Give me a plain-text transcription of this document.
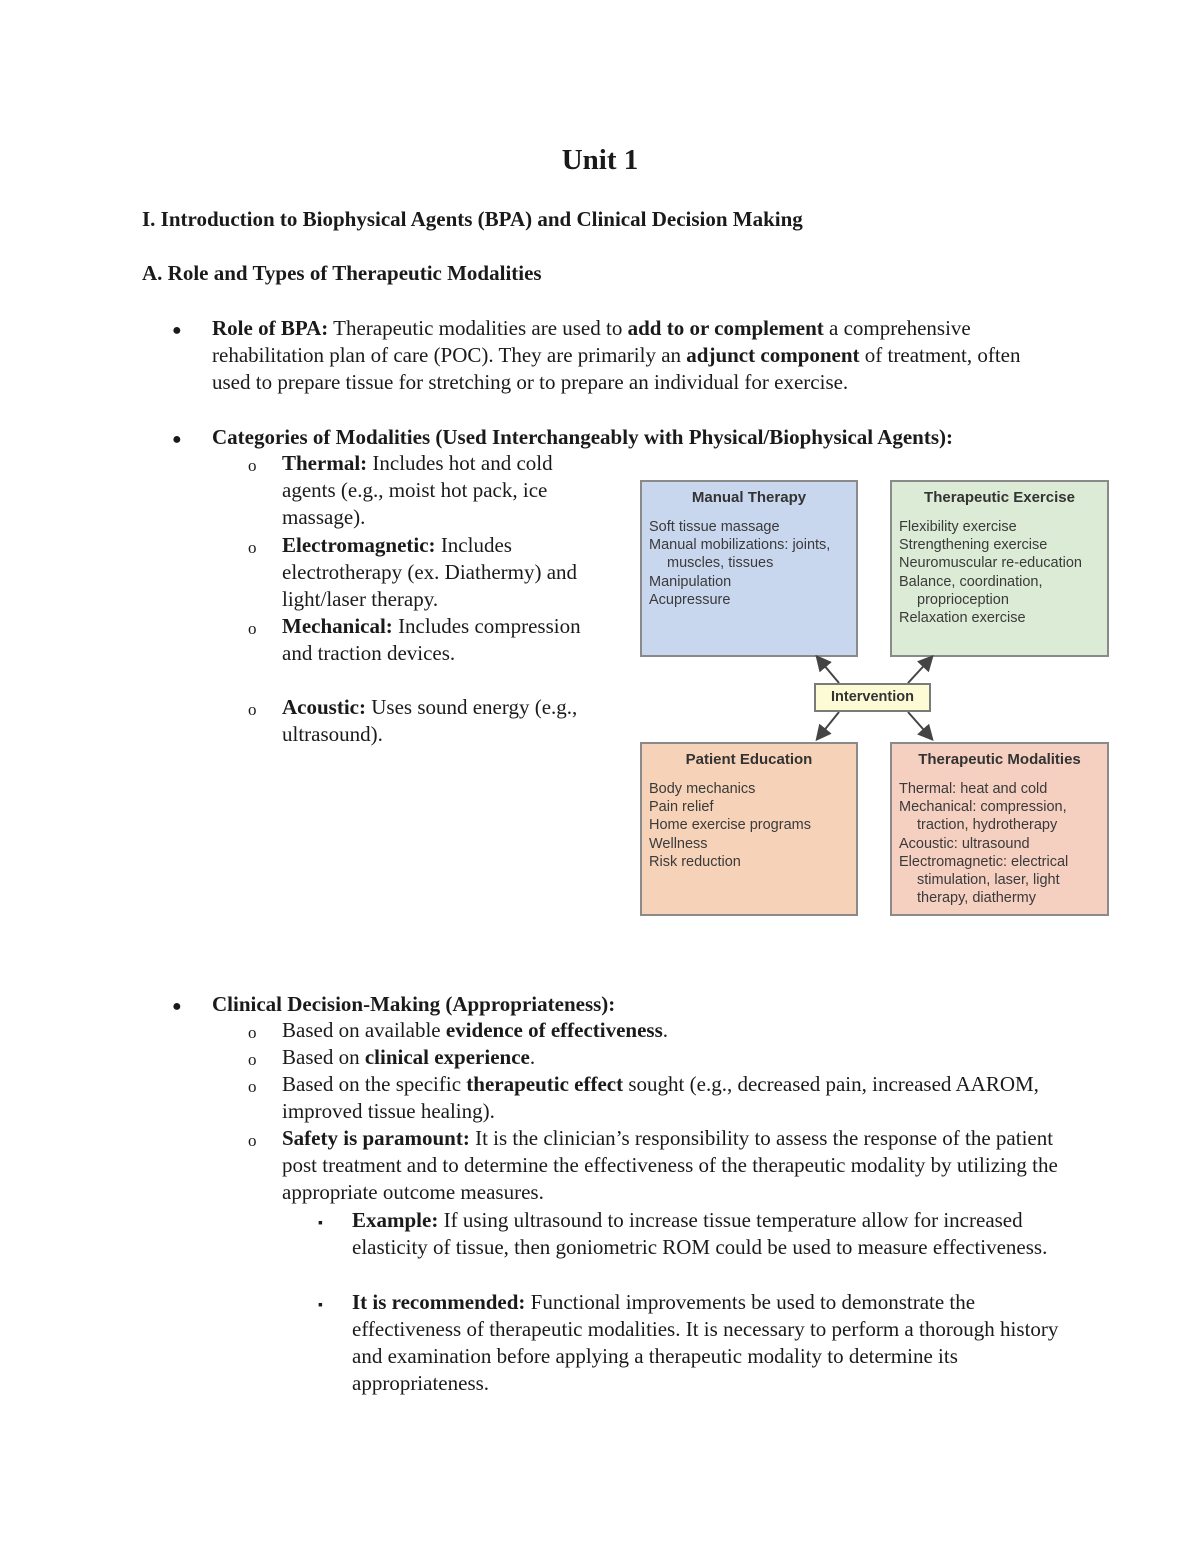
Unit 1
I. Introduction to Biophysical Agents (BPA) and Clinical Decision Making
A. Role and Types of Therapeutic Modalities
● Role of BPA: Therapeutic modalities are used to add to or complement a comprehensive rehabilitation plan of care (POC). They are primarily an adjunct component of treatment, often used to prepare tissue for stretching or to prepare an individual for exercise.
● Categories of Modalities (Used Interchangeably with Physical/Biophysical Agents):
o Thermal: Includes hot and cold agents (e.g., moist hot pack, ice massage).
o Electromagnetic: Includes electrotherapy (ex. Diathermy) and light/laser therapy.
o Mechanical: Includes compression and traction devices.
o Acoustic: Uses sound energy (e.g., ultrasound).
Manual Therapy
Soft tissue massage
Manual mobilizations: joints,
muscles, tissues
Manipulation
Acupressure
Therapeutic Exercise
Flexibility exercise
Strengthening exercise
Neuromuscular re-education
Balance, coordination,
proprioception
Relaxation exercise
Intervention
Patient Education
Body mechanics
Pain relief
Home exercise programs
Wellness
Risk reduction
Therapeutic Modalities
Thermal: heat and cold
Mechanical: compression,
traction, hydrotherapy
Acoustic: ultrasound
Electromagnetic: electrical
stimulation, laser, light
therapy, diathermy
● Clinical Decision-Making (Appropriateness):
o Based on available evidence of effectiveness.
o Based on clinical experience.
o Based on the specific therapeutic effect sought (e.g., decreased pain, increased AAROM, improved tissue healing).
o Safety is paramount: It is the clinician’s responsibility to assess the response of the patient post treatment and to determine the effectiveness of the therapeutic modality by utilizing the appropriate outcome measures.
▪ Example: If using ultrasound to increase tissue temperature allow for increased elasticity of tissue, then goniometric ROM could be used to measure effectiveness.
▪ It is recommended: Functional improvements be used to demonstrate the effectiveness of therapeutic modalities. It is necessary to perform a thorough history and examination before applying a therapeutic modality to determine its appropriateness.
